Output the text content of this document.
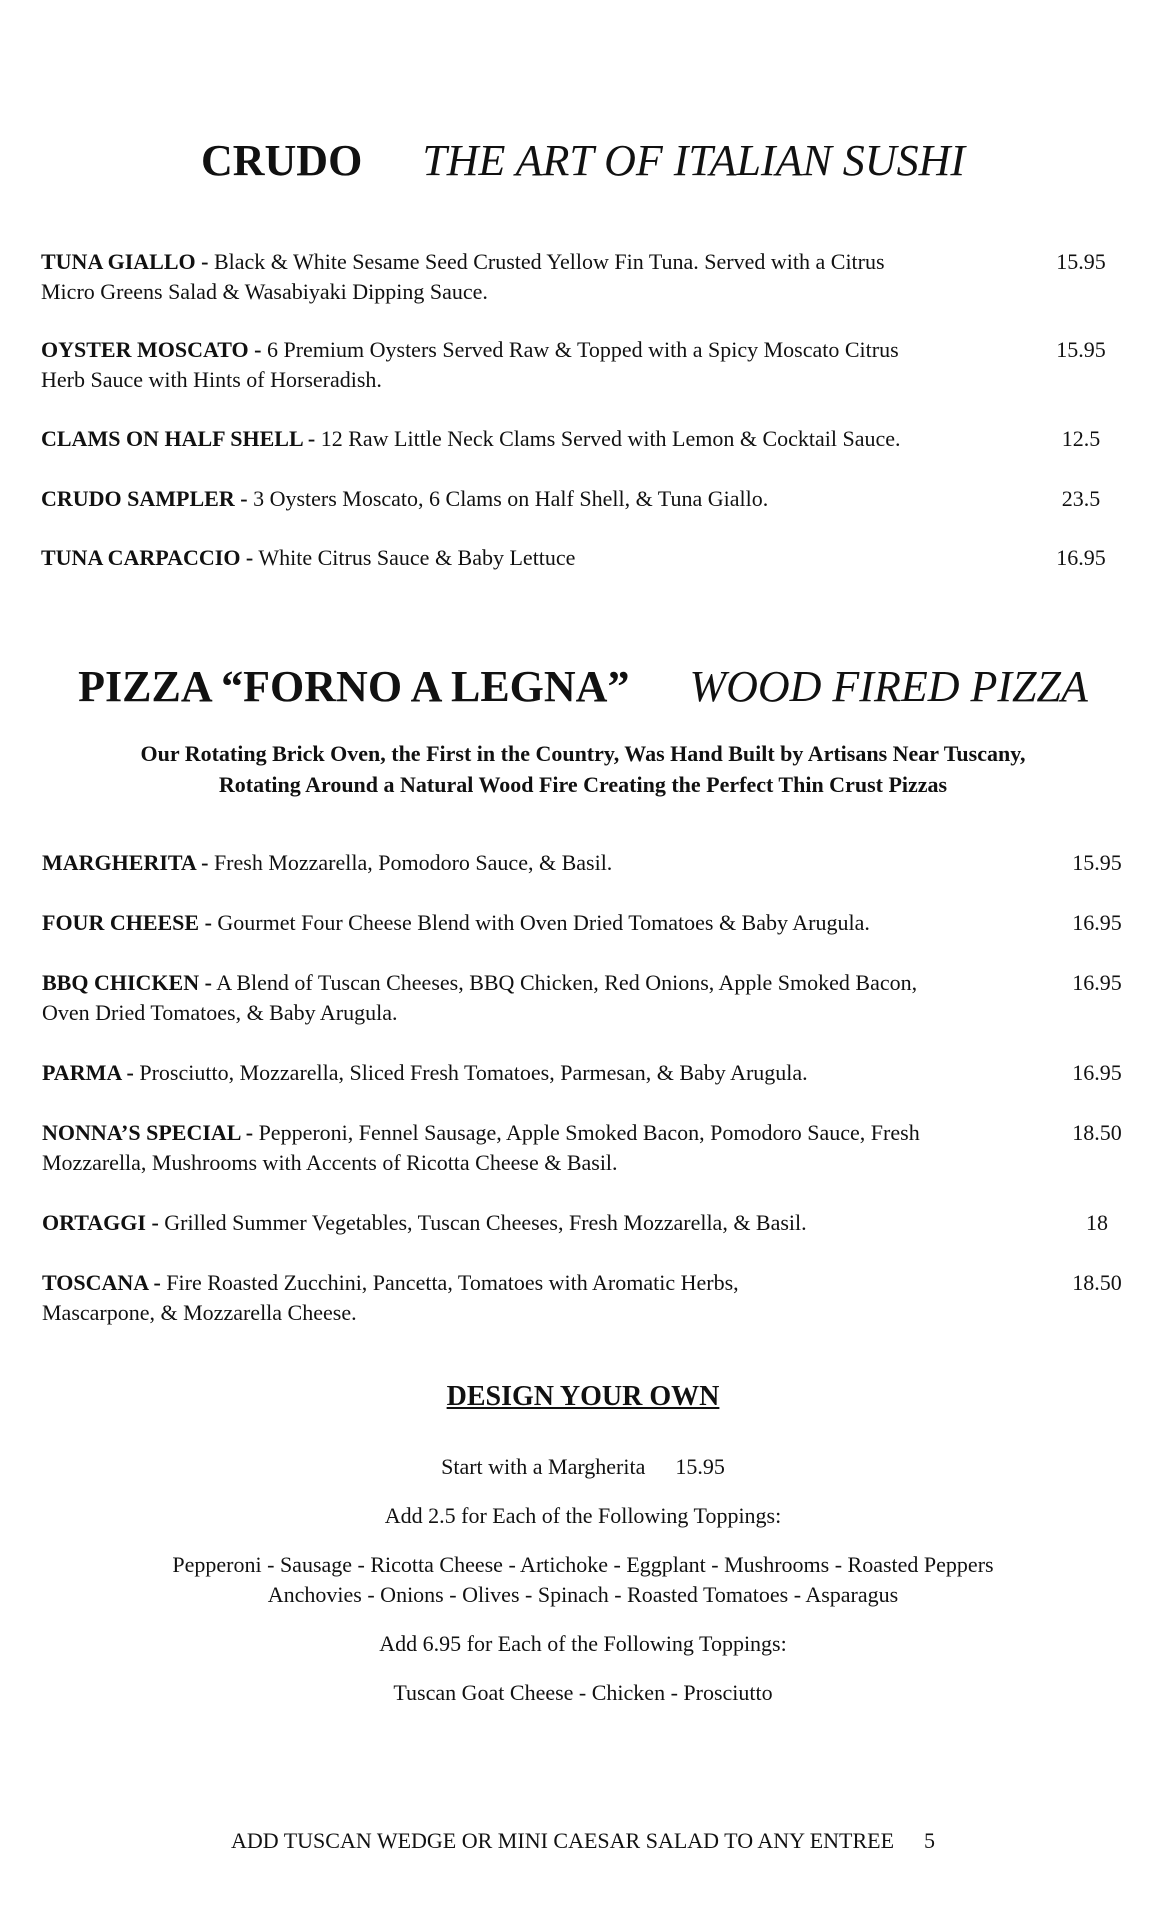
CRUDO THE ART OF ITALIAN SUSHI
TUNA GIALLO - Black & White Sesame Seed Crusted Yellow Fin Tuna. Served with a Citrus
Micro Greens Salad & Wasabiyaki Dipping Sauce.
15.95
OYSTER MOSCATO - 6 Premium Oysters Served Raw & Topped with a Spicy Moscato Citrus
Herb Sauce with Hints of Horseradish.
15.95
CLAMS ON HALF SHELL - 12 Raw Little Neck Clams Served with Lemon & Cocktail Sauce.	12.5
CRUDO SAMPLER - 3 Oysters Moscato, 6 Clams on Half Shell, & Tuna Giallo.	23.5
TUNA CARPACCIO - White Citrus Sauce & Baby Lettuce	16.95
PIZZA “FORNO A LEGNA” WOOD FIRED PIZZA
Our Rotating Brick Oven, the First in the Country, Was Hand Built by Artisans Near Tuscany,
Rotating Around a Natural Wood Fire Creating the Perfect Thin Crust Pizzas
MARGHERITA - Fresh Mozzarella, Pomodoro Sauce, & Basil.	15.95
FOUR CHEESE - Gourmet Four Cheese Blend with Oven Dried Tomatoes & Baby Arugula.	16.95
BBQ CHICKEN - A Blend of Tuscan Cheeses, BBQ Chicken, Red Onions, Apple Smoked Bacon,
Oven Dried Tomatoes, & Baby Arugula.
16.95
PARMA - Prosciutto, Mozzarella, Sliced Fresh Tomatoes, Parmesan, & Baby Arugula.	16.95
NONNA’S SPECIAL - Pepperoni, Fennel Sausage, Apple Smoked Bacon, Pomodoro Sauce, Fresh
Mozzarella, Mushrooms with Accents of Ricotta Cheese & Basil.
18.50
ORTAGGI - Grilled Summer Vegetables, Tuscan Cheeses, Fresh Mozzarella, & Basil.	18
TOSCANA - Fire Roasted Zucchini, Pancetta, Tomatoes with Aromatic Herbs,
Mascarpone, & Mozzarella Cheese.
18.50
DESIGN YOUR OWN
Start with a Margherita 15.95
Add 2.5 for Each of the Following Toppings:
Pepperoni - Sausage - Ricotta Cheese - Artichoke - Eggplant - Mushrooms - Roasted Peppers
Anchovies - Onions - Olives - Spinach - Roasted Tomatoes - Asparagus
Add 6.95 for Each of the Following Toppings:
Tuscan Goat Cheese - Chicken - Prosciutto
ADD TUSCAN WEDGE OR MINI CAESAR SALAD TO ANY ENTREE 5
